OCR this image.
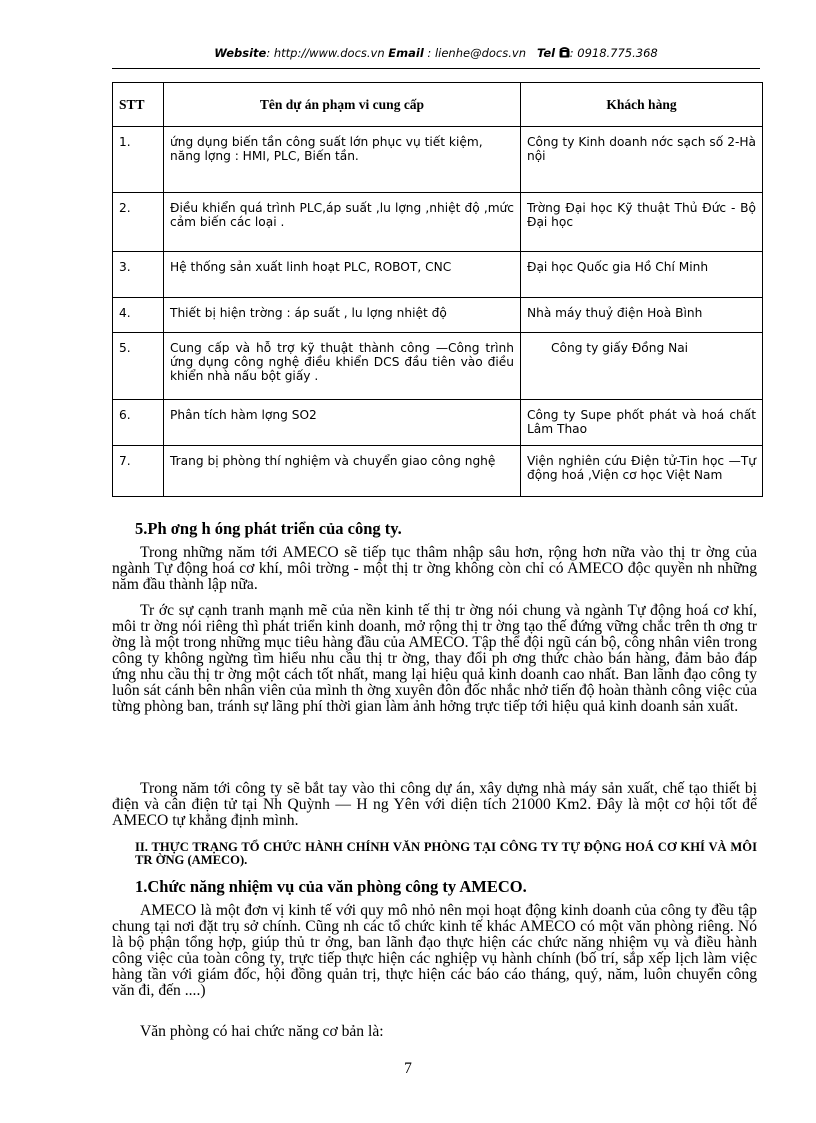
Website: http://www.docs.vn Email : lienhe@docs.vn Tel : 0918.775.368
STT	Tên dự án phạm vi cung cấp	Khách hàng
1.	ứng dụng biến tần công suất lớn phục vụ tiết kiệm, năng lợng : HMI, PLC, Biến tần.	Công ty Kinh doanh nớc sạch số 2-Hà nội
2.	Điều khiển quá trình PLC,áp suất ,lu lợng ,nhiệt độ ,mức cảm biến các loại .	Trờng Đại học Kỹ thuật Thủ Đức - Bộ Đại học
3.	Hệ thống sản xuất linh hoạt PLC, ROBOT, CNC	Đại học Quốc gia Hồ Chí Minh
4.	Thiết bị hiện trờng : áp suất , lu lợng nhiệt độ	Nhà máy thuỷ điện Hoà Bình
5.	Cung cấp và hỗ trợ kỹ thuật thành công —Công trình ứng dụng công nghệ điều khiển DCS đầu tiên vào điều khiển nhà nấu bột giấy .	Công ty giấy Đồng Nai
6.	Phân tích hàm lợng SO2	Công ty Supe phốt phát và hoá chất Lâm Thao
7.	Trang bị phòng thí nghiệm và chuyển giao công nghệ	Viện nghiên cứu Điện tử-Tin học —Tự động hoá ,Viện cơ học Việt Nam
5.Ph ơng h óng phát triển của công ty.

Trong những năm tới AMECO sẽ tiếp tục thâm nhập sâu hơn, rộng hơn nữa vào thị tr ờng của ngành Tự động hoá cơ khí, môi trờng - một thị tr ờng không còn chỉ có AMECO độc quyền nh những năm đầu thành lập nữa.

Tr ớc sự cạnh tranh mạnh mẽ của nền kinh tế thị tr ờng nói chung và ngành Tự động hoá cơ khí, môi tr ờng nói riêng thì phát triển kinh doanh, mở rộng thị tr ờng tạo thế đứng vững chắc trên th ơng tr ờng là một trong những mục tiêu hàng đầu của AMECO. Tập thể đội ngũ cán bộ, công nhân viên trong công ty không ngừng tìm hiểu nhu cầu thị tr ờng, thay đổi ph ơng thức chào bán hàng, đảm bảo đáp ứng nhu cầu thị tr ờng một cách tốt nhất, mang lại hiệu quả kinh doanh cao nhất. Ban lãnh đạo công ty luôn sát cánh bên nhân viên của mình th ờng xuyên đôn đốc nhắc nhở tiến độ hoàn thành công việc của từng phòng ban, tránh sự lãng phí thời gian làm ảnh hởng trực tiếp tới hiệu quả kinh doanh sản xuất.

Trong năm tới công ty sẽ bắt tay vào thi công dự án, xây dựng nhà máy sản xuất, chế tạo thiết bị điện và cân điện tử tại Nh Quỳnh — H ng Yên với diện tích 21000 Km2. Đây là một cơ hội tốt để AMECO tự khẳng định mình.

II. THỰC TRẠNG TỔ CHỨC HÀNH CHÍNH VĂN PHÒNG TẠI CÔNG TY TỰ ĐỘNG HOÁ CƠ KHÍ VÀ MÔI TR ỜNG (AMECO).
1.Chức năng nhiệm vụ của văn phòng công ty AMECO.

AMECO là một đơn vị kinh tế với quy mô nhỏ nên mọi hoạt động kinh doanh của công ty đều tập chung tại nơi đặt trụ sở chính. Cũng nh các tổ chức kinh tế khác AMECO có một văn phòng riêng. Nó là bộ phận tổng hợp, giúp thủ tr ởng, ban lãnh đạo thực hiện các chức năng nhiệm vụ và điều hành công việc của toàn công ty, trực tiếp thực hiện các nghiệp vụ hành chính (bố trí, sắp xếp lịch làm việc hàng tần với giám đốc, hội đồng quản trị, thực hiện các báo cáo tháng, quý, năm, luôn chuyển công văn đi, đến ....)

Văn phòng có hai chức năng cơ bản là:

7
